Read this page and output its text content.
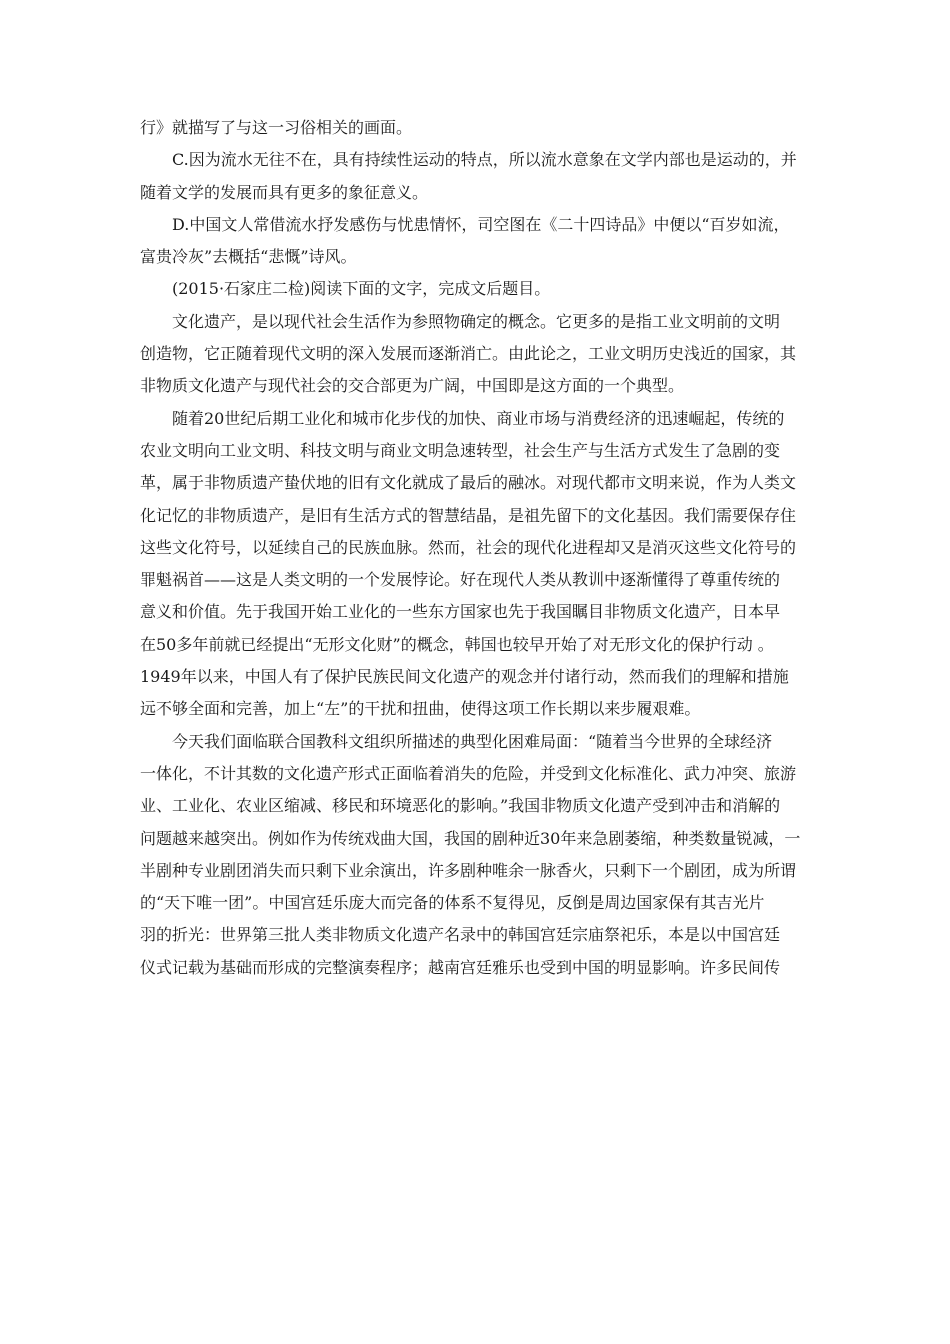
行》就描写了与这一习俗相关的画面。
C.因为流水无往不在，具有持续性运动的特点，所以流水意象在文学内部也是运动的，并
随着文学的发展而具有更多的象征意义。
D.中国文人常借流水抒发感伤与忧患情怀，司空图在《二十四诗品》中便以“百岁如流，
富贵冷灰”去概括“悲慨”诗风。
(2015·石家庄二检)阅读下面的文字，完成文后题目。
文化遗产，是以现代社会生活作为参照物确定的概念。它更多的是指工业文明前的文明
创造物，它正随着现代文明的深入发展而逐渐消亡。由此论之，工业文明历史浅近的国家，其
非物质文化遗产与现代社会的交合部更为广阔，中国即是这方面的一个典型。
随着20世纪后期工业化和城市化步伐的加快、商业市场与消费经济的迅速崛起，传统的
农业文明向工业文明、科技文明与商业文明急速转型，社会生产与生活方式发生了急剧的变
革，属于非物质遗产蛰伏地的旧有文化就成了最后的融冰。对现代都市文明来说，作为人类文
化记忆的非物质遗产，是旧有生活方式的智慧结晶，是祖先留下的文化基因。我们需要保存住
这些文化符号，以延续自己的民族血脉。然而，社会的现代化进程却又是消灭这些文化符号的
罪魁祸首——这是人类文明的一个发展悖论。好在现代人类从教训中逐渐懂得了尊重传统的
意义和价值。先于我国开始工业化的一些东方国家也先于我国瞩目非物质文化遗产，日本早
在50多年前就已经提出“无形文化财”的概念，韩国也较早开始了对无形文化的保护行动 。
1949年以来，中国人有了保护民族民间文化遗产的观念并付诸行动，然而我们的理解和措施
远不够全面和完善，加上“左”的干扰和扭曲，使得这项工作长期以来步履艰难。
今天我们面临联合国教科文组织所描述的典型化困难局面：“随着当今世界的全球经济
一体化，不计其数的文化遗产形式正面临着消失的危险，并受到文化标准化、武力冲突、旅游
业、工业化、农业区缩减、移民和环境恶化的影响。”我国非物质文化遗产受到冲击和消解的
问题越来越突出。例如作为传统戏曲大国，我国的剧种近30年来急剧萎缩，种类数量锐减，一
半剧种专业剧团消失而只剩下业余演出，许多剧种唯余一脉香火，只剩下一个剧团，成为所谓
的“天下唯一团”。中国宫廷乐庞大而完备的体系不复得见，反倒是周边国家保有其吉光片
羽的折光：世界第三批人类非物质文化遗产名录中的韩国宫廷宗庙祭祀乐，本是以中国宫廷
仪式记载为基础而形成的完整演奏程序；越南宫廷雅乐也受到中国的明显影响。许多民间传
